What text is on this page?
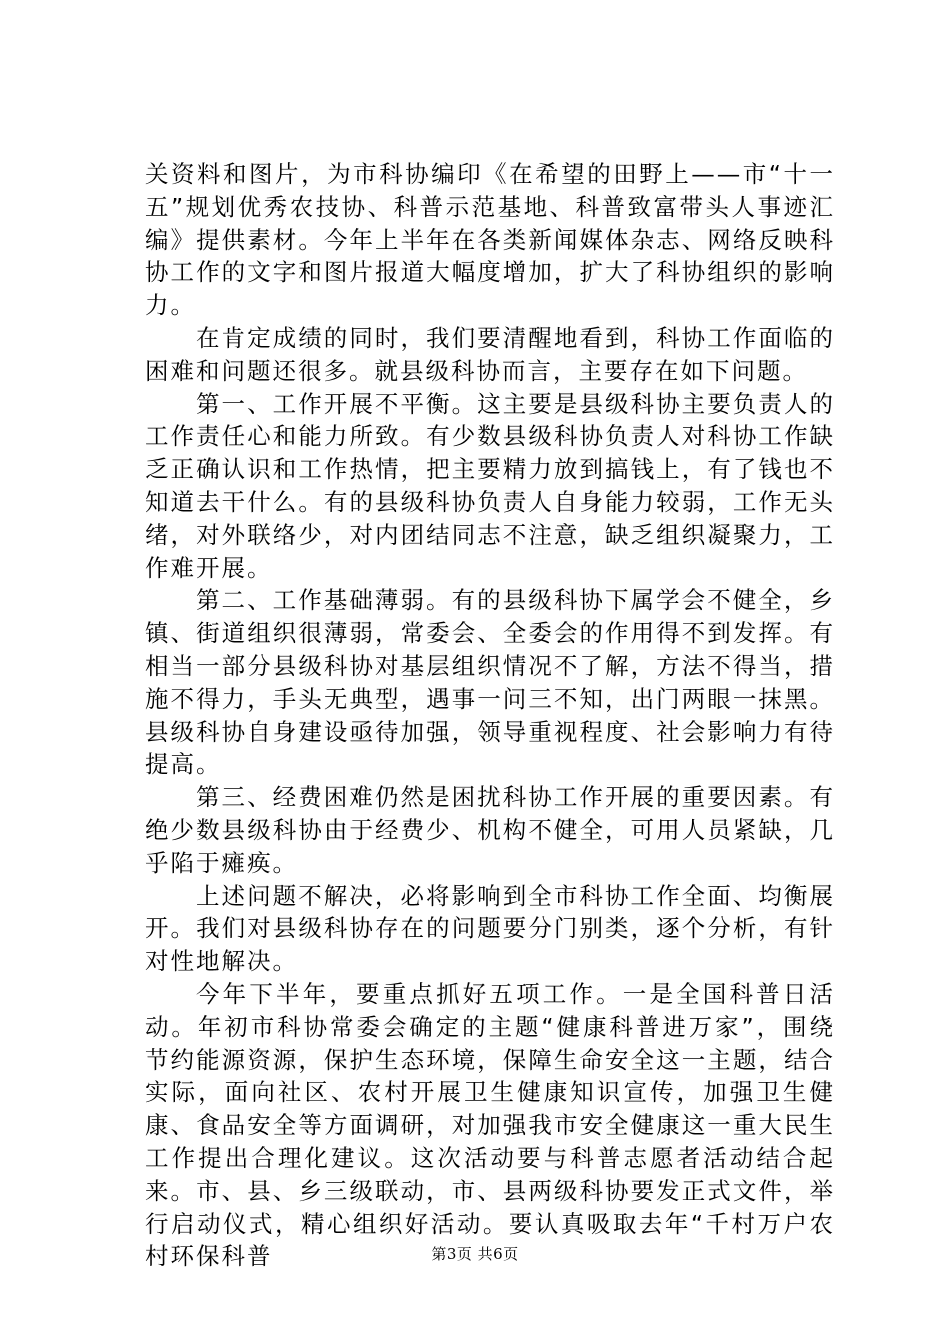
关资料和图片，为市科协编印《在希望的田野上——市“十一五”规划优秀农技协、科普示范基地、科普致富带头人事迹汇编》提供素材。今年上半年在各类新闻媒体杂志、网络反映科协工作的文字和图片报道大幅度增加，扩大了科协组织的影响力。

在肯定成绩的同时，我们要清醒地看到，科协工作面临的困难和问题还很多。就县级科协而言，主要存在如下问题。

第一、工作开展不平衡。这主要是县级科协主要负责人的工作责任心和能力所致。有少数县级科协负责人对科协工作缺乏正确认识和工作热情，把主要精力放到搞钱上，有了钱也不知道去干什么。有的县级科协负责人自身能力较弱，工作无头绪，对外联络少，对内团结同志不注意，缺乏组织凝聚力，工作难开展。

第二、工作基础薄弱。有的县级科协下属学会不健全，乡镇、街道组织很薄弱，常委会、全委会的作用得不到发挥。有相当一部分县级科协对基层组织情况不了解，方法不得当，措施不得力，手头无典型，遇事一问三不知，出门两眼一抹黑。县级科协自身建设亟待加强，领导重视程度、社会影响力有待提高。

第三、经费困难仍然是困扰科协工作开展的重要因素。有绝少数县级科协由于经费少、机构不健全，可用人员紧缺，几乎陷于瘫痪。

上述问题不解决，必将影响到全市科协工作全面、均衡展开。我们对县级科协存在的问题要分门别类，逐个分析，有针对性地解决。

今年下半年，要重点抓好五项工作。一是全国科普日活动。年初市科协常委会确定的主题“健康科普进万家”，围绕节约能源资源，保护生态环境，保障生命安全这一主题，结合实际，面向社区、农村开展卫生健康知识宣传，加强卫生健康、食品安全等方面调研，对加强我市安全健康这一重大民生工作提出合理化建议。这次活动要与科普志愿者活动结合起来。市、县、乡三级联动，市、县两级科协要发正式文件，举行启动仪式，精心组织好活动。要认真吸取去年“千村万户农村环保科普	第3页 共6页
